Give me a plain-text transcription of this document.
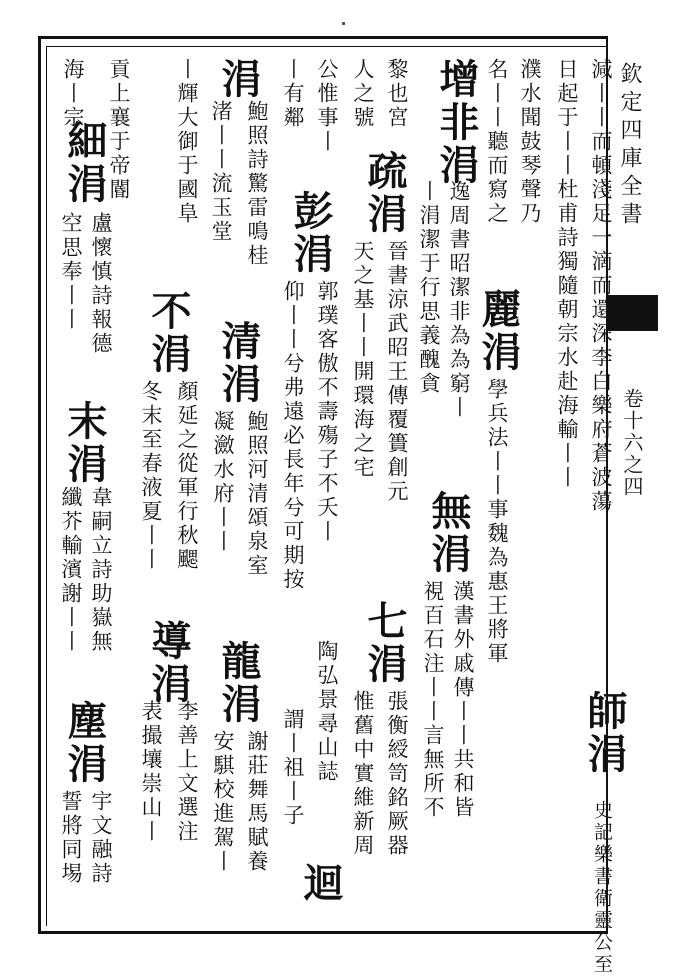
欽定四庫全書
卷十六之四
減丨丨而頓淺足一滴而還深李白樂府蒼波蕩
日起于丨丨杜甫詩獨隨朝宗水赴海輸丨丨
濮水聞鼓琴聲乃
師涓
史記樂書衛靈公至
名丨丨聽而寫之
麗涓
學兵法丨丨事魏為惠王將軍
增非涓
逸周書昭潔非為為窮丨
丨涓潔于行思義醜貪
無涓
漢書外戚傳丨丨共和皆
視百石注丨丨言無所不
黎也宮
人之號
疏涓
晉書涼武昭王傳覆簣創元
天之基丨丨開環海之宅
七涓
張衡綬笥銘厥器
惟舊中實維新周
公惟事丨
丨有鄰
彭涓
郭璞客傲不壽殤子不夭丨
仰丨丨兮弗遠必長年兮可期按
陶弘景尋山誌
謂丨祖丨子
迴
涓
鮑照詩驚雷鳴桂
渚丨丨流玉堂
清涓
鮑照河清頌泉室
凝瀲水府丨丨
龍涓
謝莊舞馬賦養
安騏校進駕丨
丨輝大御于國阜
不涓
顏延之從軍行秋颸
冬末至春液夏丨丨
導涓
李善上文選注
表撮壤崇山丨
貢上襄于帝閽
海丨宗
細涓
盧懷慎詩報德
空思奉丨丨
末涓
韋嗣立詩助嶽無
纖芥輸濱謝丨丨
塵涓
宇文融詩
誓將同埸
